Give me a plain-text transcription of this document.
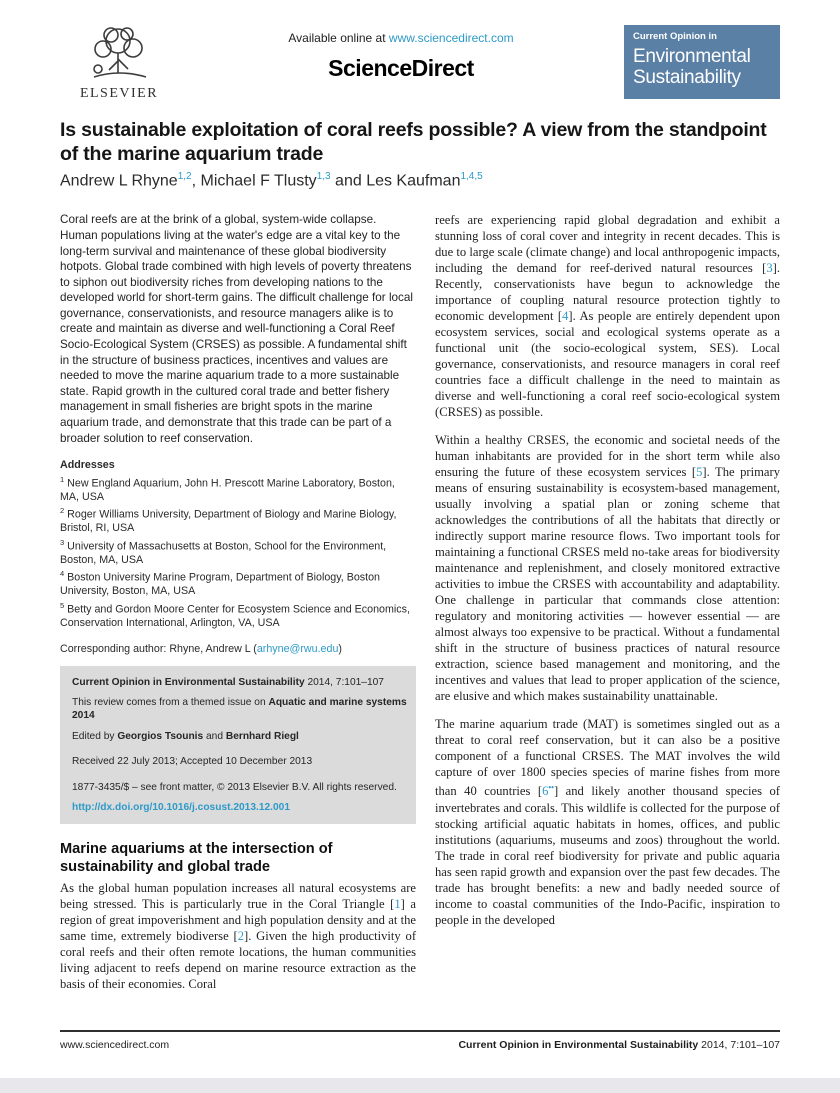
ELSEVIER
Available online at www.sciencedirect.com
ScienceDirect
Current Opinion in
Environmental
Sustainability
Is sustainable exploitation of coral reefs possible? A view from the standpoint of the marine aquarium trade
Andrew L Rhyne$^{1,2}$, Michael F Tlusty$^{1,3}$ and Les Kaufman$^{1,4,5}$

Coral reefs are at the brink of a global, system-wide collapse. Human populations living at the water's edge are a vital key to the long-term survival and maintenance of these global biodiversity hotpots. Global trade combined with high levels of poverty threatens to siphon out biodiversity riches from developing nations to the developed world for short-term gains. The difficult challenge for local governance, conservationists, and resource managers alike is to create and maintain as diverse and well-functioning a Coral Reef Socio-Ecological System (CRSES) as possible. A fundamental shift in the structure of business practices, incentives and values are needed to move the marine aquarium trade to a more sustainable state. Rapid growth in the cultured coral trade and better fishery management in small fisheries are bright spots in the marine aquarium trade, and demonstrate that this trade can be part of a broader solution to reef conservation.

Addresses
$^1$ New England Aquarium, John H. Prescott Marine Laboratory, Boston, MA, USA
$^2$ Roger Williams University, Department of Biology and Marine Biology, Bristol, RI, USA
$^3$ University of Massachusetts at Boston, School for the Environment, Boston, MA, USA
$^4$ Boston University Marine Program, Department of Biology, Boston University, Boston, MA, USA
$^5$ Betty and Gordon Moore Center for Ecosystem Science and Economics, Conservation International, Arlington, VA, USA

Corresponding author: Rhyne, Andrew L (arhyne@rwu.edu)

Current Opinion in Environmental Sustainability 2014, 7:101–107

This review comes from a themed issue on Aquatic and marine systems 2014

Edited by Georgios Tsounis and Bernhard Riegl

Received 22 July 2013; Accepted 10 December 2013

1877-3435/$ – see front matter, © 2013 Elsevier B.V. All rights reserved.

http://dx.doi.org/10.1016/j.cosust.2013.12.001

Marine aquariums at the intersection of sustainability and global trade

As the global human population increases all natural ecosystems are being stressed. This is particularly true in the Coral Triangle [1] a region of great impoverishment and high population density and at the same time, extremely biodiverse [2]. Given the high productivity of coral reefs and their often remote locations, the human communities living adjacent to reefs depend on marine resource extraction as the basis of their economies. Coral

reefs are experiencing rapid global degradation and exhibit a stunning loss of coral cover and integrity in recent decades. This is due to large scale (climate change) and local anthropogenic impacts, including the demand for reef-derived natural resources [3]. Recently, conservationists have begun to acknowledge the importance of coupling natural resource protection tightly to economic development [4]. As people are entirely dependent upon ecosystem services, social and ecological systems operate as a functional unit (the socio-ecological system, SES). Local governance, conservationists, and resource managers in coral reef countries face a difficult challenge in the need to maintain as diverse and well-functioning a coral reef socio-ecological system (CRSES) as possible.

Within a healthy CRSES, the economic and societal needs of the human inhabitants are provided for in the short term while also ensuring the future of these ecosystem services [5]. The primary means of ensuring sustainability is ecosystem-based management, usually involving a spatial plan or zoning scheme that acknowledges the contributions of all the habitats that directly or indirectly support marine resource flows. Two important tools for maintaining a functional CRSES meld no-take areas for biodiversity maintenance and replenishment, and closely monitored extractive activities to imbue the CRSES with accountability and adaptability. One challenge in particular that commands close attention: regulatory and monitoring activities — however essential — are almost always too expensive to be practical. Without a fundamental shift in the structure of business practices of natural resource extraction, science based management and monitoring, and the incentives and values that lead to proper application of the science, are elusive and which makes sustainability unattainable.

The marine aquarium trade (MAT) is sometimes singled out as a threat to coral reef conservation, but it can also be a positive component of a functional CRSES. The MAT involves the wild capture of over 1800 species species of marine fishes from more than 40 countries [6••] and likely another thousand species of invertebrates and corals. This wildlife is collected for the purpose of stocking artificial aquatic habitats in homes, offices, and public institutions (aquariums, museums and zoos) throughout the world. The trade in coral reef biodiversity for private and public aquaria has seen rapid growth and expansion over the past few decades. The trade has brought benefits: a new and badly needed source of income to coastal communities of the Indo-Pacific, inspiration to people in the developed

www.sciencedirect.com	Current Opinion in Environmental Sustainability 2014, 7:101–107
